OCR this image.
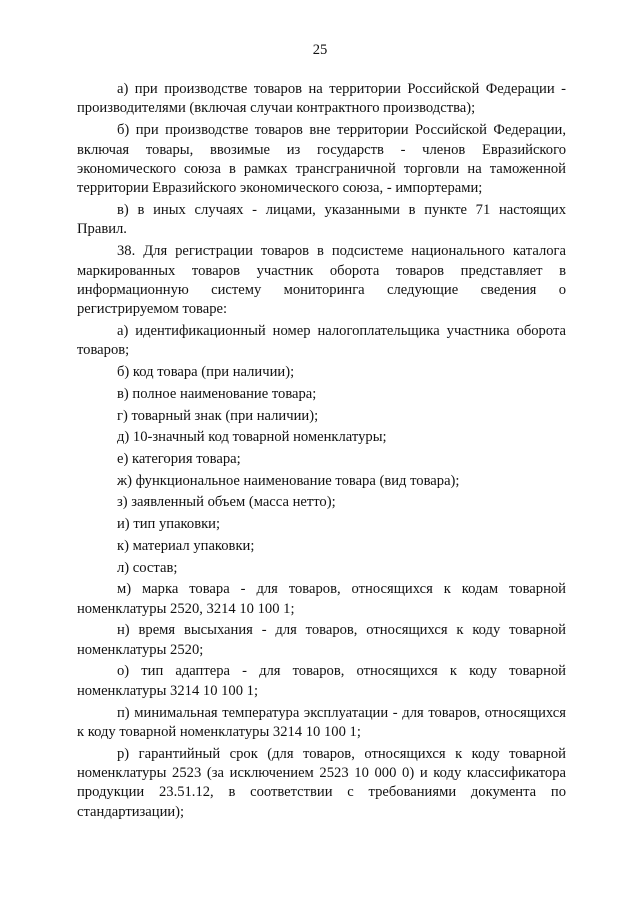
25

а) при производстве товаров на территории Российской Федерации - производителями (включая случаи контрактного производства);

б) при производстве товаров вне территории Российской Федерации, включая товары, ввозимые из государств - членов Евразийского экономического союза в рамках трансграничной торговли на таможенной территории Евразийского экономического союза, - импортерами;

в) в иных случаях - лицами, указанными в пункте 71 настоящих Правил.

38. Для регистрации товаров в подсистеме национального каталога маркированных товаров участник оборота товаров представляет в информационную систему мониторинга следующие сведения о регистрируемом товаре:

а) идентификационный номер налогоплательщика участника оборота товаров;

б) код товара (при наличии);

в) полное наименование товара;

г) товарный знак (при наличии);

д) 10-значный код товарной номенклатуры;

е) категория товара;

ж) функциональное наименование товара (вид товара);

з) заявленный объем (масса нетто);

и) тип упаковки;

к) материал упаковки;

л) состав;

м) марка товара - для товаров, относящихся к кодам товарной номенклатуры 2520, 3214 10 100 1;

н) время высыхания - для товаров, относящихся к коду товарной номенклатуры 2520;

о) тип адаптера - для товаров, относящихся к коду товарной номенклатуры 3214 10 100 1;

п) минимальная температура эксплуатации - для товаров, относящихся к коду товарной номенклатуры 3214 10 100 1;

р) гарантийный срок (для товаров, относящихся к коду товарной номенклатуры 2523 (за исключением 2523 10 000 0) и коду классификатора продукции 23.51.12, в соответствии с требованиями документа по стандартизации);
